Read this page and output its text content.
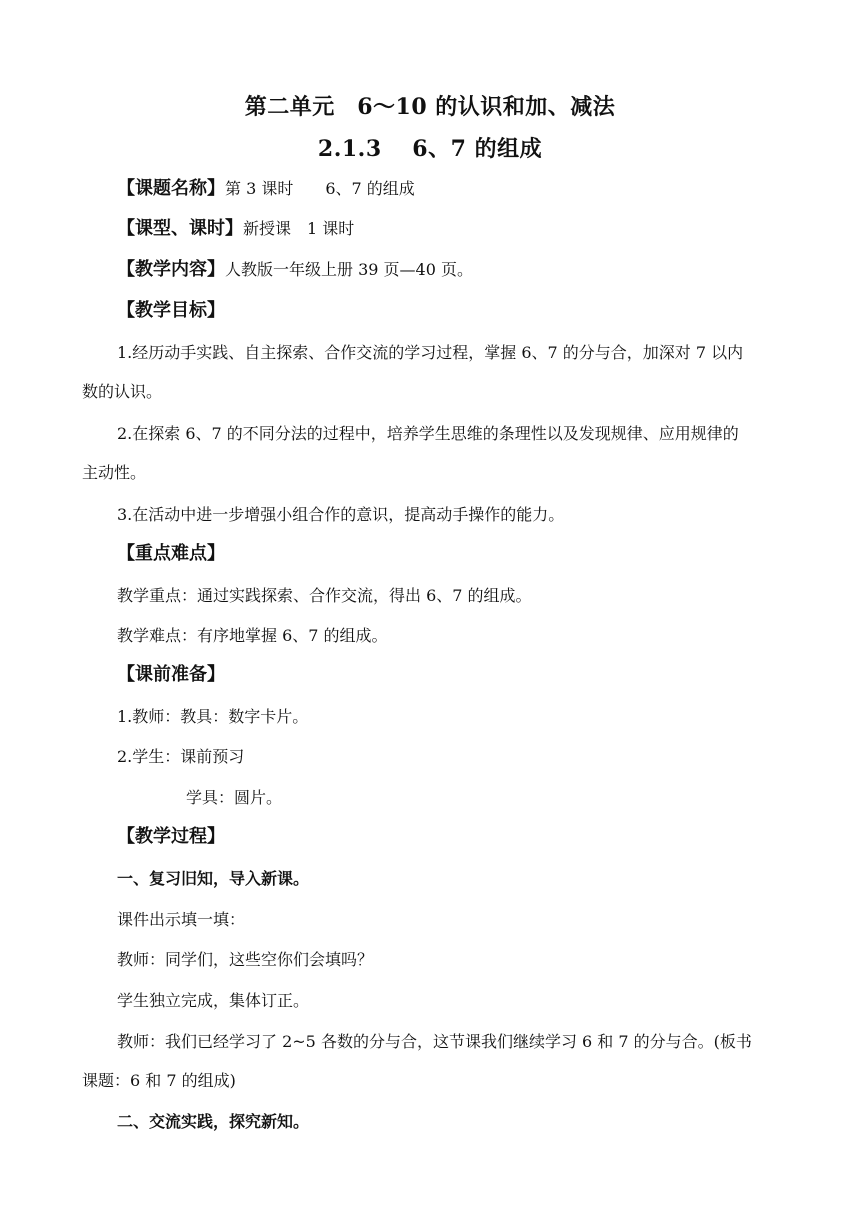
第二单元　6～10 的认识和加、减法
2.1.3　 6、7 的组成
【课题名称】第 3 课时　　6、7 的组成
【课型、课时】新授课　1 课时
【教学内容】人教版一年级上册 39 页—40 页。
【教学目标】
1.经历动手实践、自主探索、合作交流的学习过程，掌握 6、7 的分与合，加深对 7 以内
数的认识。
2.在探索 6、7 的不同分法的过程中，培养学生思维的条理性以及发现规律、应用规律的
主动性。
3.在活动中进一步增强小组合作的意识，提高动手操作的能力。
【重点难点】
教学重点：通过实践探索、合作交流，得出 6、7 的组成。
教学难点：有序地掌握 6、7 的组成。
【课前准备】
1.教师：教具：数字卡片。
2.学生：课前预习
学具：圆片。
【教学过程】
一、复习旧知，导入新课。
课件出示填一填：
教师：同学们，这些空你们会填吗？
学生独立完成，集体订正。
教师：我们已经学习了 2~5 各数的分与合，这节课我们继续学习 6 和 7 的分与合。(板书
课题：6 和 7 的组成)
二、交流实践，探究新知。
